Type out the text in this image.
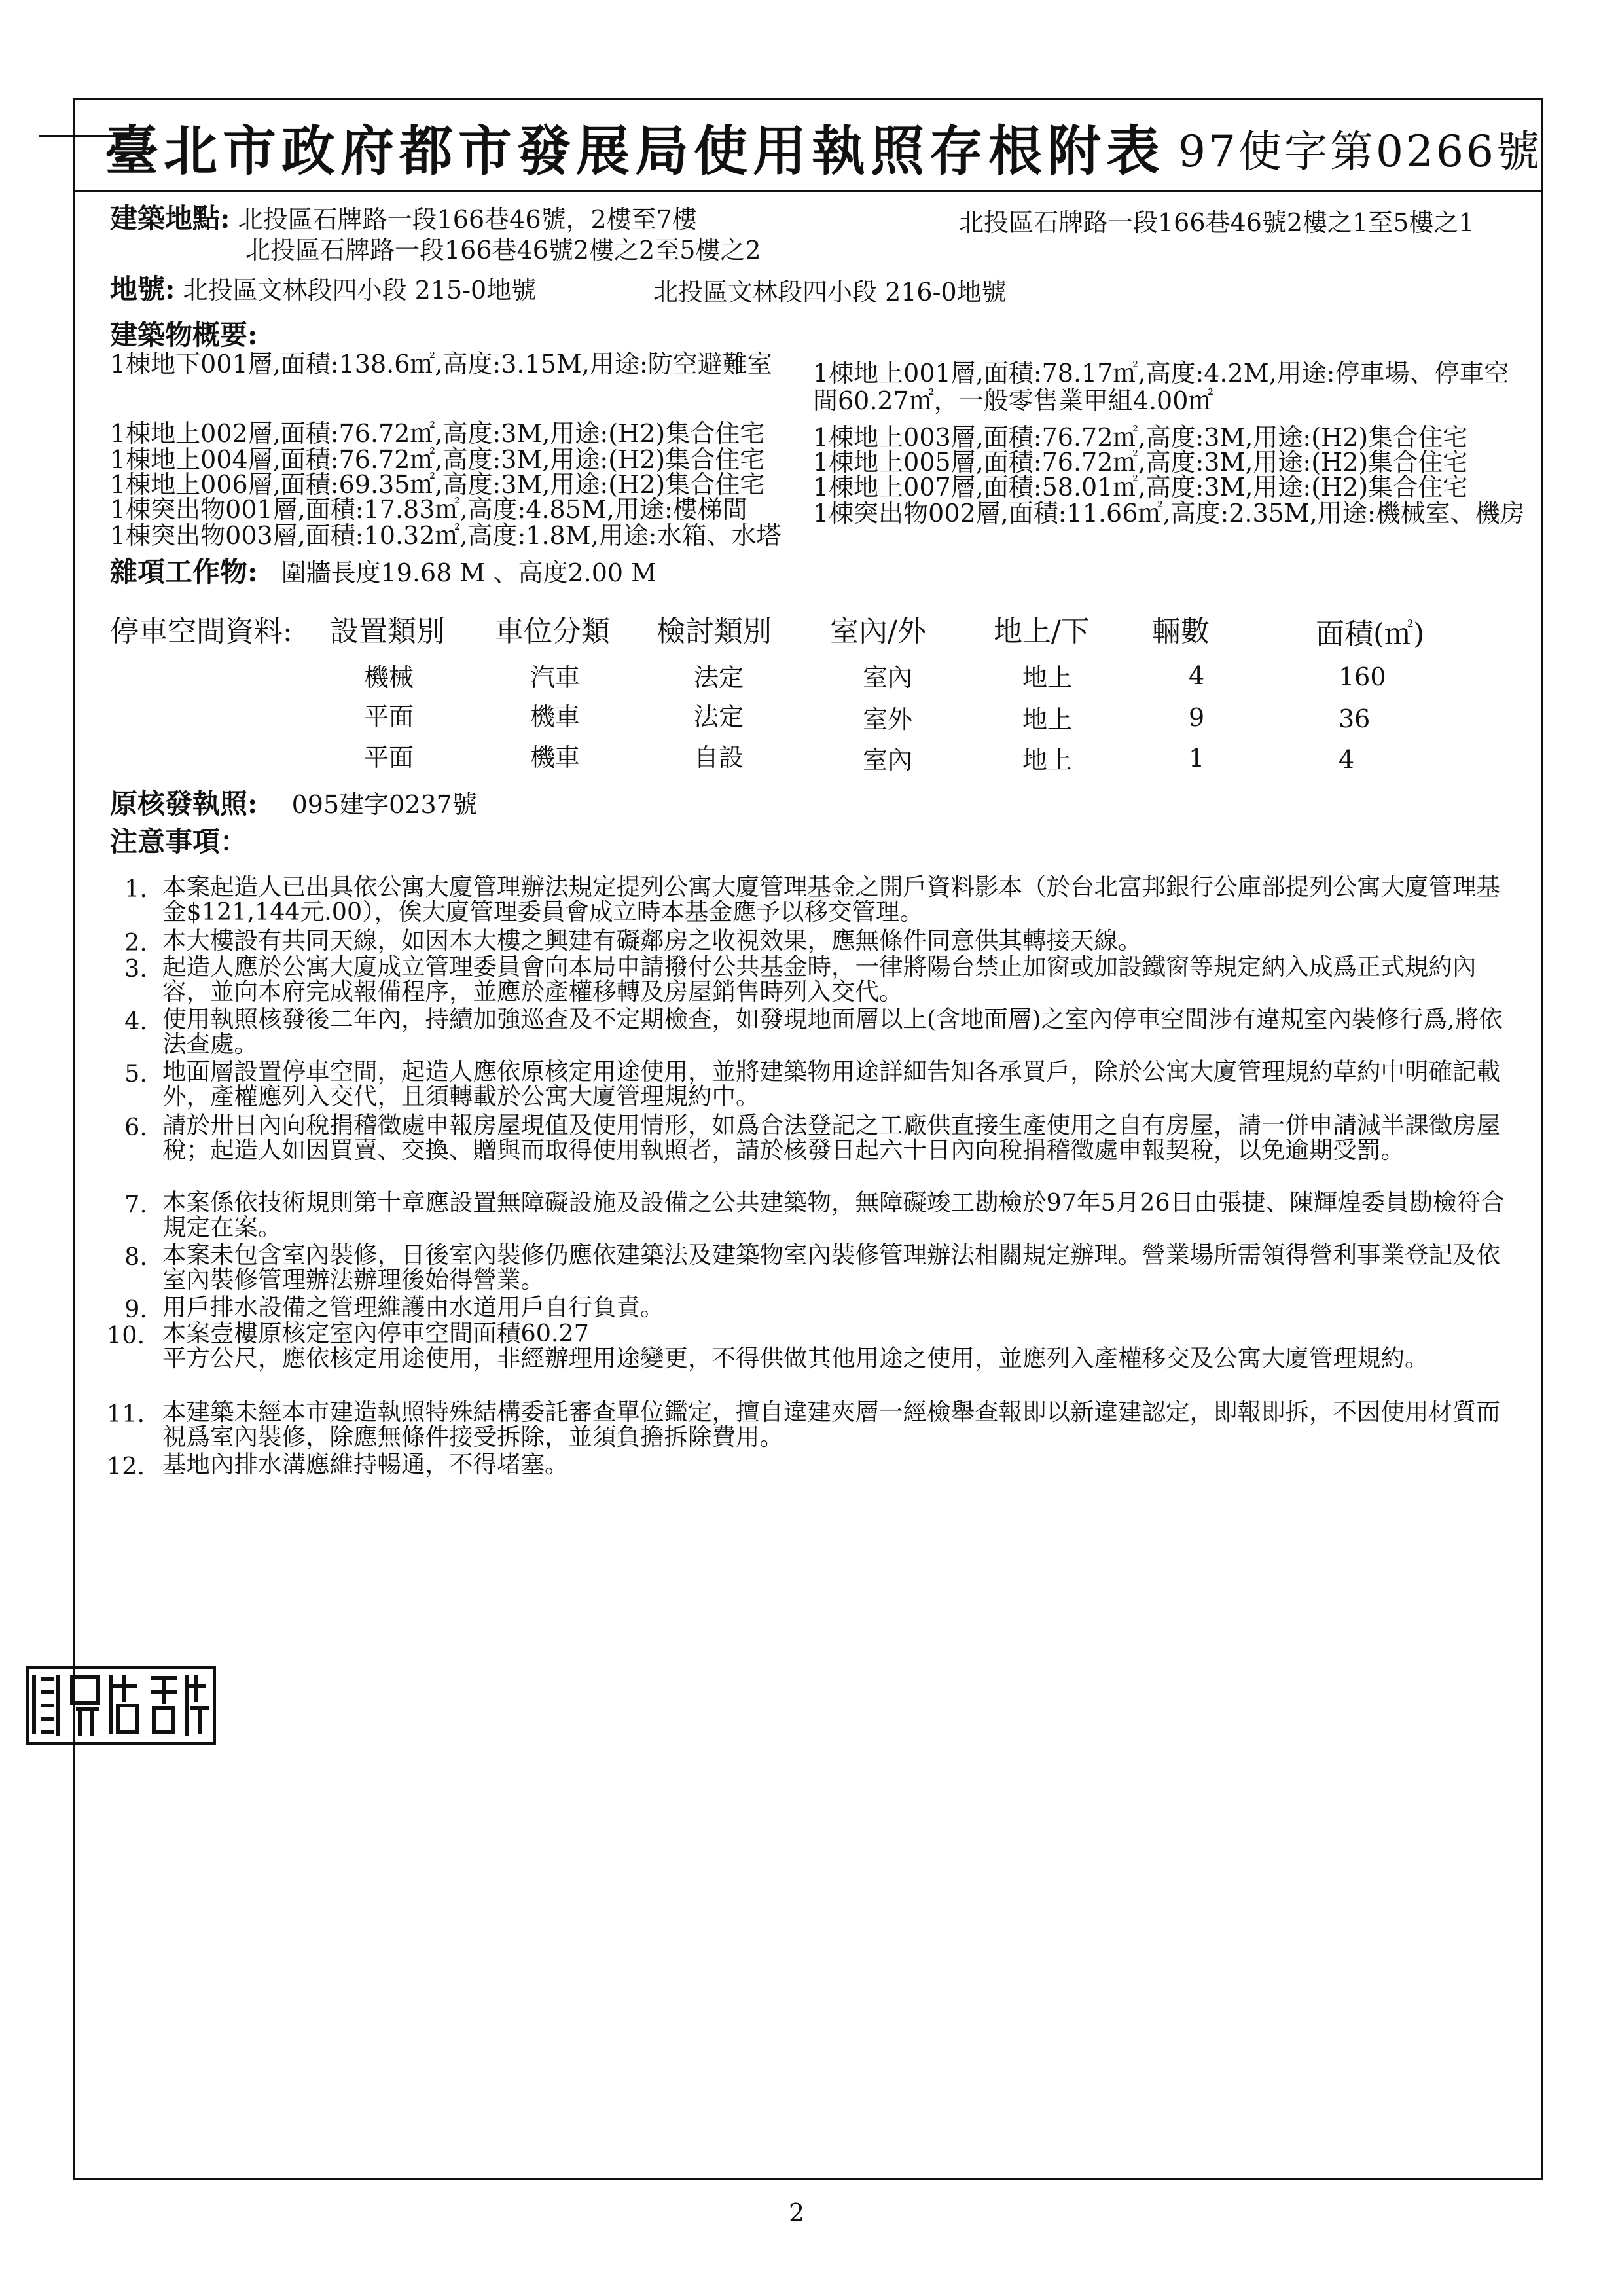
臺北市政府都市發展局使用執照存根附表 97使字第0266號
建築地點: 北投區石牌路一段166巷46號，2樓至7樓	北投區石牌路一段166巷46號2樓之1至5樓之1
北投區石牌路一段166巷46號2樓之2至5樓之2
地號: 北投區文林段四小段 215-0地號	北投區文林段四小段 216-0地號
建築物概要:
1棟地下001層,面積:138.6㎡,高度:3.15M,用途:防空避難室
1棟地上002層,面積:76.72㎡,高度:3M,用途:(H2)集合住宅
1棟地上004層,面積:76.72㎡,高度:3M,用途:(H2)集合住宅
1棟地上006層,面積:69.35㎡,高度:3M,用途:(H2)集合住宅
1棟突出物001層,面積:17.83㎡,高度:4.85M,用途:樓梯間
1棟突出物003層,面積:10.32㎡,高度:1.8M,用途:水箱、水塔
1棟地上001層,面積:78.17㎡,高度:4.2M,用途:停車場、停車空
間60.27㎡，一般零售業甲組4.00㎡
1棟地上003層,面積:76.72㎡,高度:3M,用途:(H2)集合住宅
1棟地上005層,面積:76.72㎡,高度:3M,用途:(H2)集合住宅
1棟地上007層,面積:58.01㎡,高度:3M,用途:(H2)集合住宅
1棟突出物002層,面積:11.66㎡,高度:2.35M,用途:機械室、機房
雜項工作物: 圍牆長度19.68 M 、高度2.00 M
停車空間資料: 設置類別 車位分類 檢討類別 室內/外 地上/下 輛數	面積(㎡)
機械	汽車	法定	室內	地上	4	160
平面	機車	法定	室外	地上	9	36
平面	機車	自設	室內	地上	1	4
原核發執照: 095建字0237號
注意事項：
1. 本案起造人已出具依公寓大廈管理辦法規定提列公寓大廈管理基金之開戶資料影本（於台北富邦銀行公庫部提列公寓大廈管理基金$121,144元.00），俟大廈管理委員會成立時本基金應予以移交管理。
2. 本大樓設有共同天線，如因本大樓之興建有礙鄰房之收視效果，應無條件同意供其轉接天線。
3. 起造人應於公寓大廈成立管理委員會向本局申請撥付公共基金時，一律將陽台禁止加窗或加設鐵窗等規定納入成爲正式規約內容，並向本府完成報備程序，並應於產權移轉及房屋銷售時列入交代。
4. 使用執照核發後二年內，持續加強巡查及不定期檢查，如發現地面層以上(含地面層)之室內停車空間涉有違規室內裝修行爲,將依法查處。
5. 地面層設置停車空間，起造人應依原核定用途使用，並將建築物用途詳細告知各承買戶，除於公寓大廈管理規約草約中明確記載外，產權應列入交代，且須轉載於公寓大廈管理規約中。
6. 請於卅日內向稅捐稽徵處申報房屋現值及使用情形，如爲合法登記之工廠供直接生產使用之自有房屋，請一併申請減半課徵房屋稅；起造人如因買賣、交換、贈與而取得使用執照者，請於核發日起六十日內向稅捐稽徵處申報契稅，以免逾期受罰。
7. 本案係依技術規則第十章應設置無障礙設施及設備之公共建築物，無障礙竣工勘檢於97年5月26日由張捷、陳輝煌委員勘檢符合規定在案。
8. 本案未包含室內裝修，日後室內裝修仍應依建築法及建築物室內裝修管理辦法相關規定辦理。營業場所需領得營利事業登記及依室內裝修管理辦法辦理後始得營業。
9. 用戶排水設備之管理維護由水道用戶自行負責。
10. 本案壹樓原核定室內停車空間面積60.27
平方公尺，應依核定用途使用，非經辦理用途變更，不得供做其他用途之使用，並應列入產權移交及公寓大廈管理規約。
11. 本建築未經本市建造執照特殊結構委託審查單位鑑定，擅自違建夾層一經檢舉查報即以新違建認定，即報即拆，不因使用材質而視爲室內裝修，除應無條件接受拆除，並須負擔拆除費用。
12. 基地內排水溝應維持暢通，不得堵塞。
2
